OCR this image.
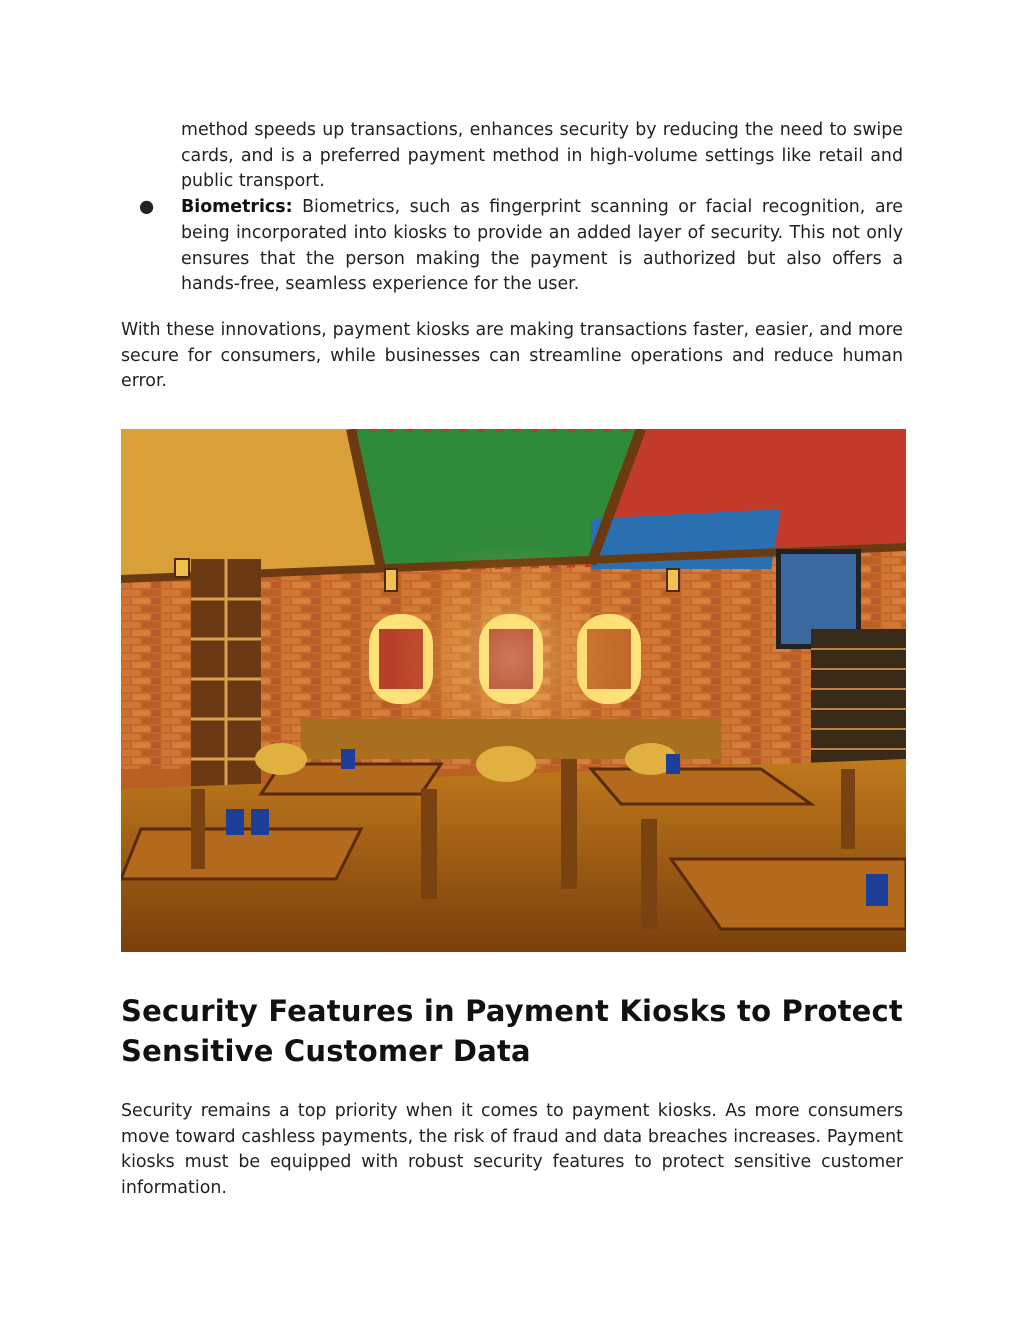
method speeds up transactions, enhances security by reducing the need to swipe cards, and is a preferred payment method in high-volume settings like retail and public transport.

● Biometrics: Biometrics, such as fingerprint scanning or facial recognition, are being incorporated into kiosks to provide an added layer of security. This not only ensures that the person making the payment is authorized but also offers a hands-free, seamless experience for the user.

With these innovations, payment kiosks are making transactions faster, easier, and more secure for consumers, while businesses can streamline operations and reduce human error.

Security Features in Payment Kiosks to Protect Sensitive Customer Data

Security remains a top priority when it comes to payment kiosks. As more consumers move toward cashless payments, the risk of fraud and data breaches increases. Payment kiosks must be equipped with robust security features to protect sensitive customer information.
